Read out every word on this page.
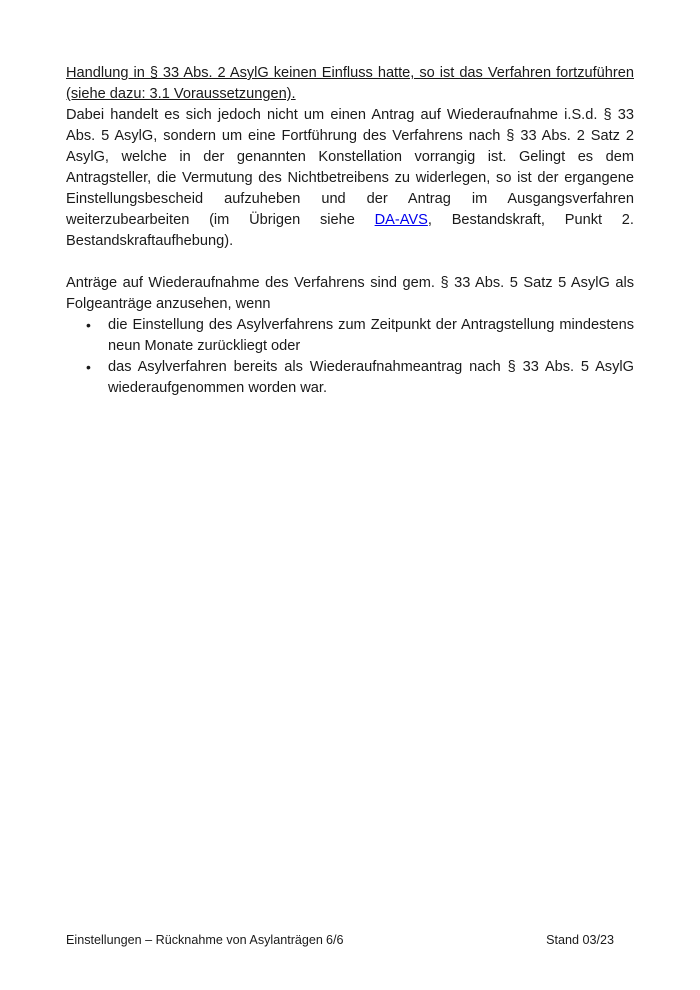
Handlung in § 33 Abs. 2 AsylG keinen Einfluss hatte, so ist das Verfahren fortzuführen (siehe dazu: 3.1 Voraussetzungen).

Dabei handelt es sich jedoch nicht um einen Antrag auf Wiederaufnahme i.S.d. § 33 Abs. 5 AsylG, sondern um eine Fortführung des Verfahrens nach § 33 Abs. 2 Satz 2 AsylG, welche in der genannten Konstellation vorrangig ist. Gelingt es dem Antragsteller, die Vermutung des Nichtbetreibens zu widerlegen, so ist der ergangene Einstellungsbescheid aufzuheben und der Antrag im Ausgangsverfahren weiterzubearbeiten (im Übrigen siehe DA-AVS, Bestandskraft, Punkt 2. Bestandskraftaufhebung).

Anträge auf Wiederaufnahme des Verfahrens sind gem. § 33 Abs. 5 Satz 5 AsylG als Folgeanträge anzusehen, wenn

• die Einstellung des Asylverfahrens zum Zeitpunkt der Antragstellung mindestens neun Monate zurückliegt oder
• das Asylverfahren bereits als Wiederaufnahmeantrag nach § 33 Abs. 5 AsylG wiederaufgenommen worden war.
Einstellungen – Rücknahme von Asylanträgen 6/6	Stand 03/23
